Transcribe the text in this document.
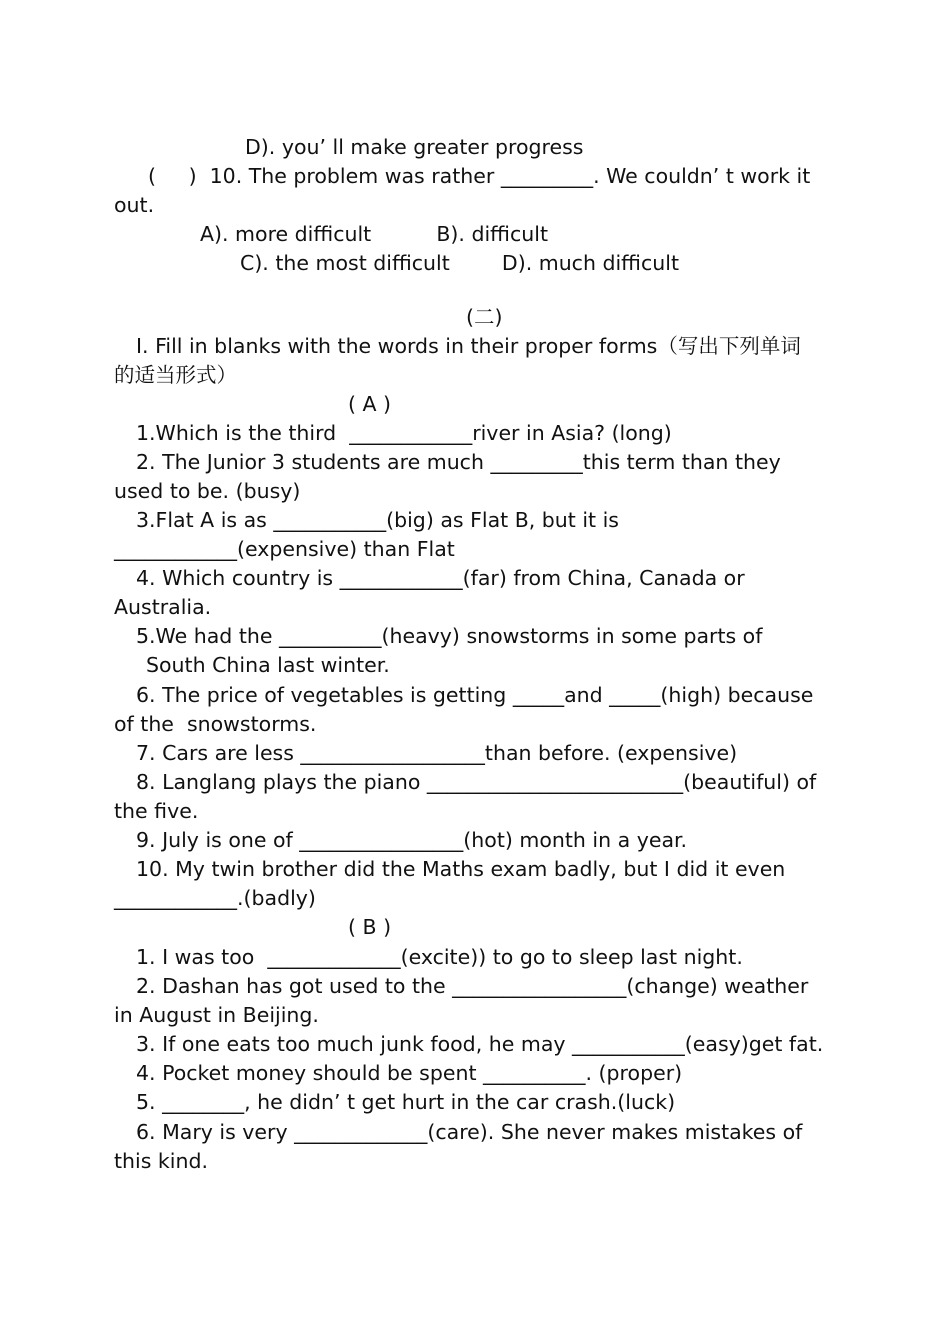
D). you’ ll make greater progress
(     )  10. The problem was rather _________. We couldn’ t work it
out.
A). more difficult          B). difficult
C). the most difficult        D). much difficult
(二)
I. Fill in blanks with the words in their proper forms（写出下列单词
的适当形式）
( A )
1.Which is the third  ____________river in Asia? (long)
2. The Junior 3 students are much _________this term than they
used to be. (busy)
3.Flat A is as ___________(big) as Flat B, but it is
____________(expensive) than Flat
4. Which country is ____________(far) from China, Canada or
Australia.
5.We had the __________(heavy) snowstorms in some parts of
South China last winter.
6. The price of vegetables is getting _____and _____(high) because
of the  snowstorms.
7. Cars are less __________________than before. (expensive)
8. Langlang plays the piano _________________________(beautiful) of
the five.
9. July is one of ________________(hot) month in a year.
10. My twin brother did the Maths exam badly, but I did it even
____________.(badly)
( B )
1. I was too  _____________(excite)) to go to sleep last night.
2. Dashan has got used to the _________________(change) weather
in August in Beijing.
3. If one eats too much junk food, he may ___________(easy)get fat.
4. Pocket money should be spent __________. (proper)
5. ________, he didn’ t get hurt in the car crash.(luck)
6. Mary is very _____________(care). She never makes mistakes of
this kind.
